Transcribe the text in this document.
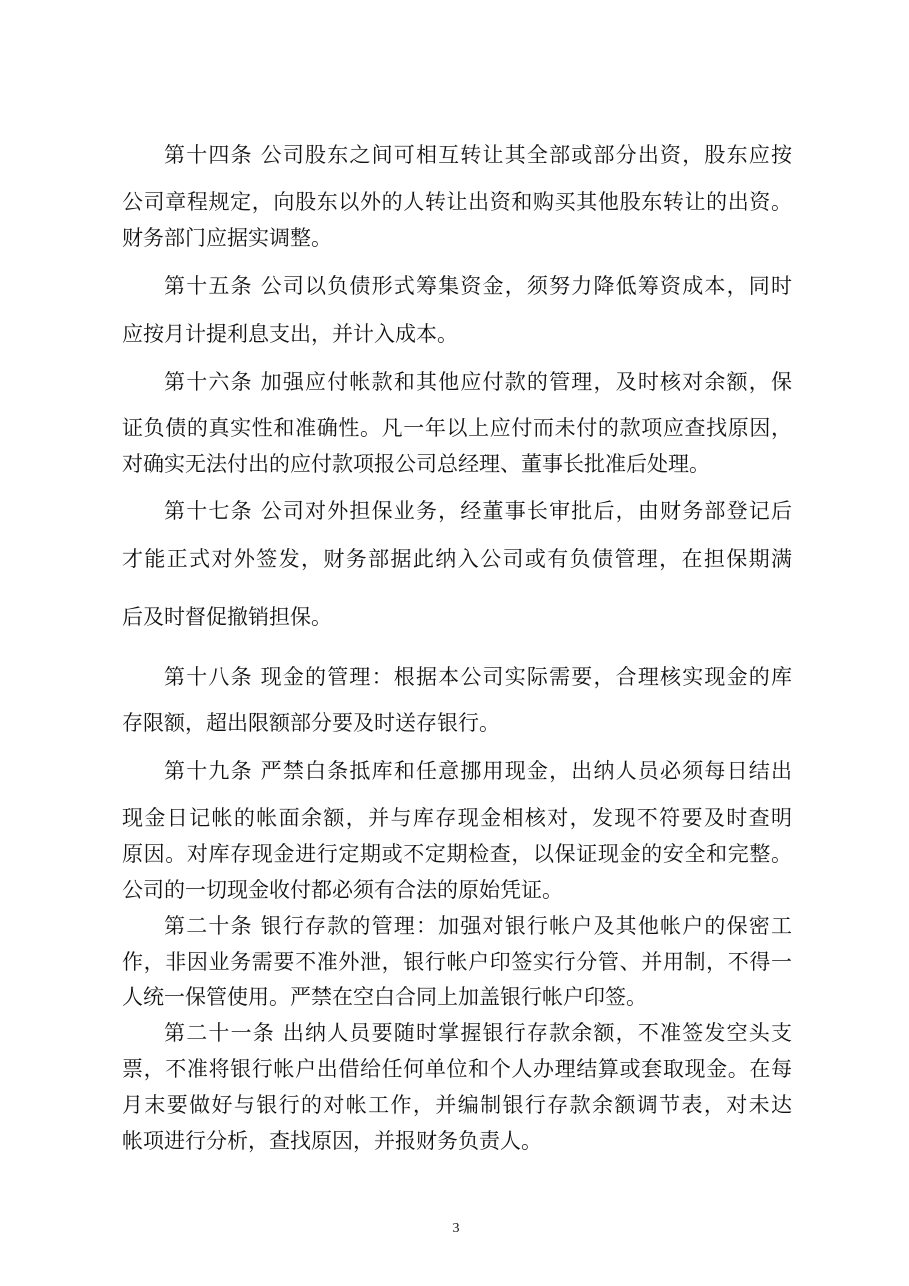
第十四条 公司股东之间可相互转让其全部或部分出资，股东应按
公司章程规定，向股东以外的人转让出资和购买其他股东转让的出资。
财务部门应据实调整。
第十五条 公司以负债形式筹集资金，须努力降低筹资成本，同时
应按月计提利息支出，并计入成本。
第十六条 加强应付帐款和其他应付款的管理，及时核对余额，保
证负债的真实性和准确性。凡一年以上应付而未付的款项应查找原因，
对确实无法付出的应付款项报公司总经理、董事长批准后处理。
第十七条 公司对外担保业务，经董事长审批后，由财务部登记后
才能正式对外签发，财务部据此纳入公司或有负债管理，在担保期满
后及时督促撤销担保。
第十八条 现金的管理：根据本公司实际需要，合理核实现金的库
存限额，超出限额部分要及时送存银行。
第十九条 严禁白条抵库和任意挪用现金，出纳人员必须每日结出
现金日记帐的帐面余额，并与库存现金相核对，发现不符要及时查明
原因。对库存现金进行定期或不定期检查，以保证现金的安全和完整。
公司的一切现金收付都必须有合法的原始凭证。
第二十条 银行存款的管理：加强对银行帐户及其他帐户的保密工
作，非因业务需要不准外泄，银行帐户印签实行分管、并用制，不得一
人统一保管使用。严禁在空白合同上加盖银行帐户印签。
第二十一条 出纳人员要随时掌握银行存款余额，不准签发空头支
票，不准将银行帐户出借给任何单位和个人办理结算或套取现金。在每
月末要做好与银行的对帐工作，并编制银行存款余额调节表，对未达
帐项进行分析，查找原因，并报财务负责人。
3
